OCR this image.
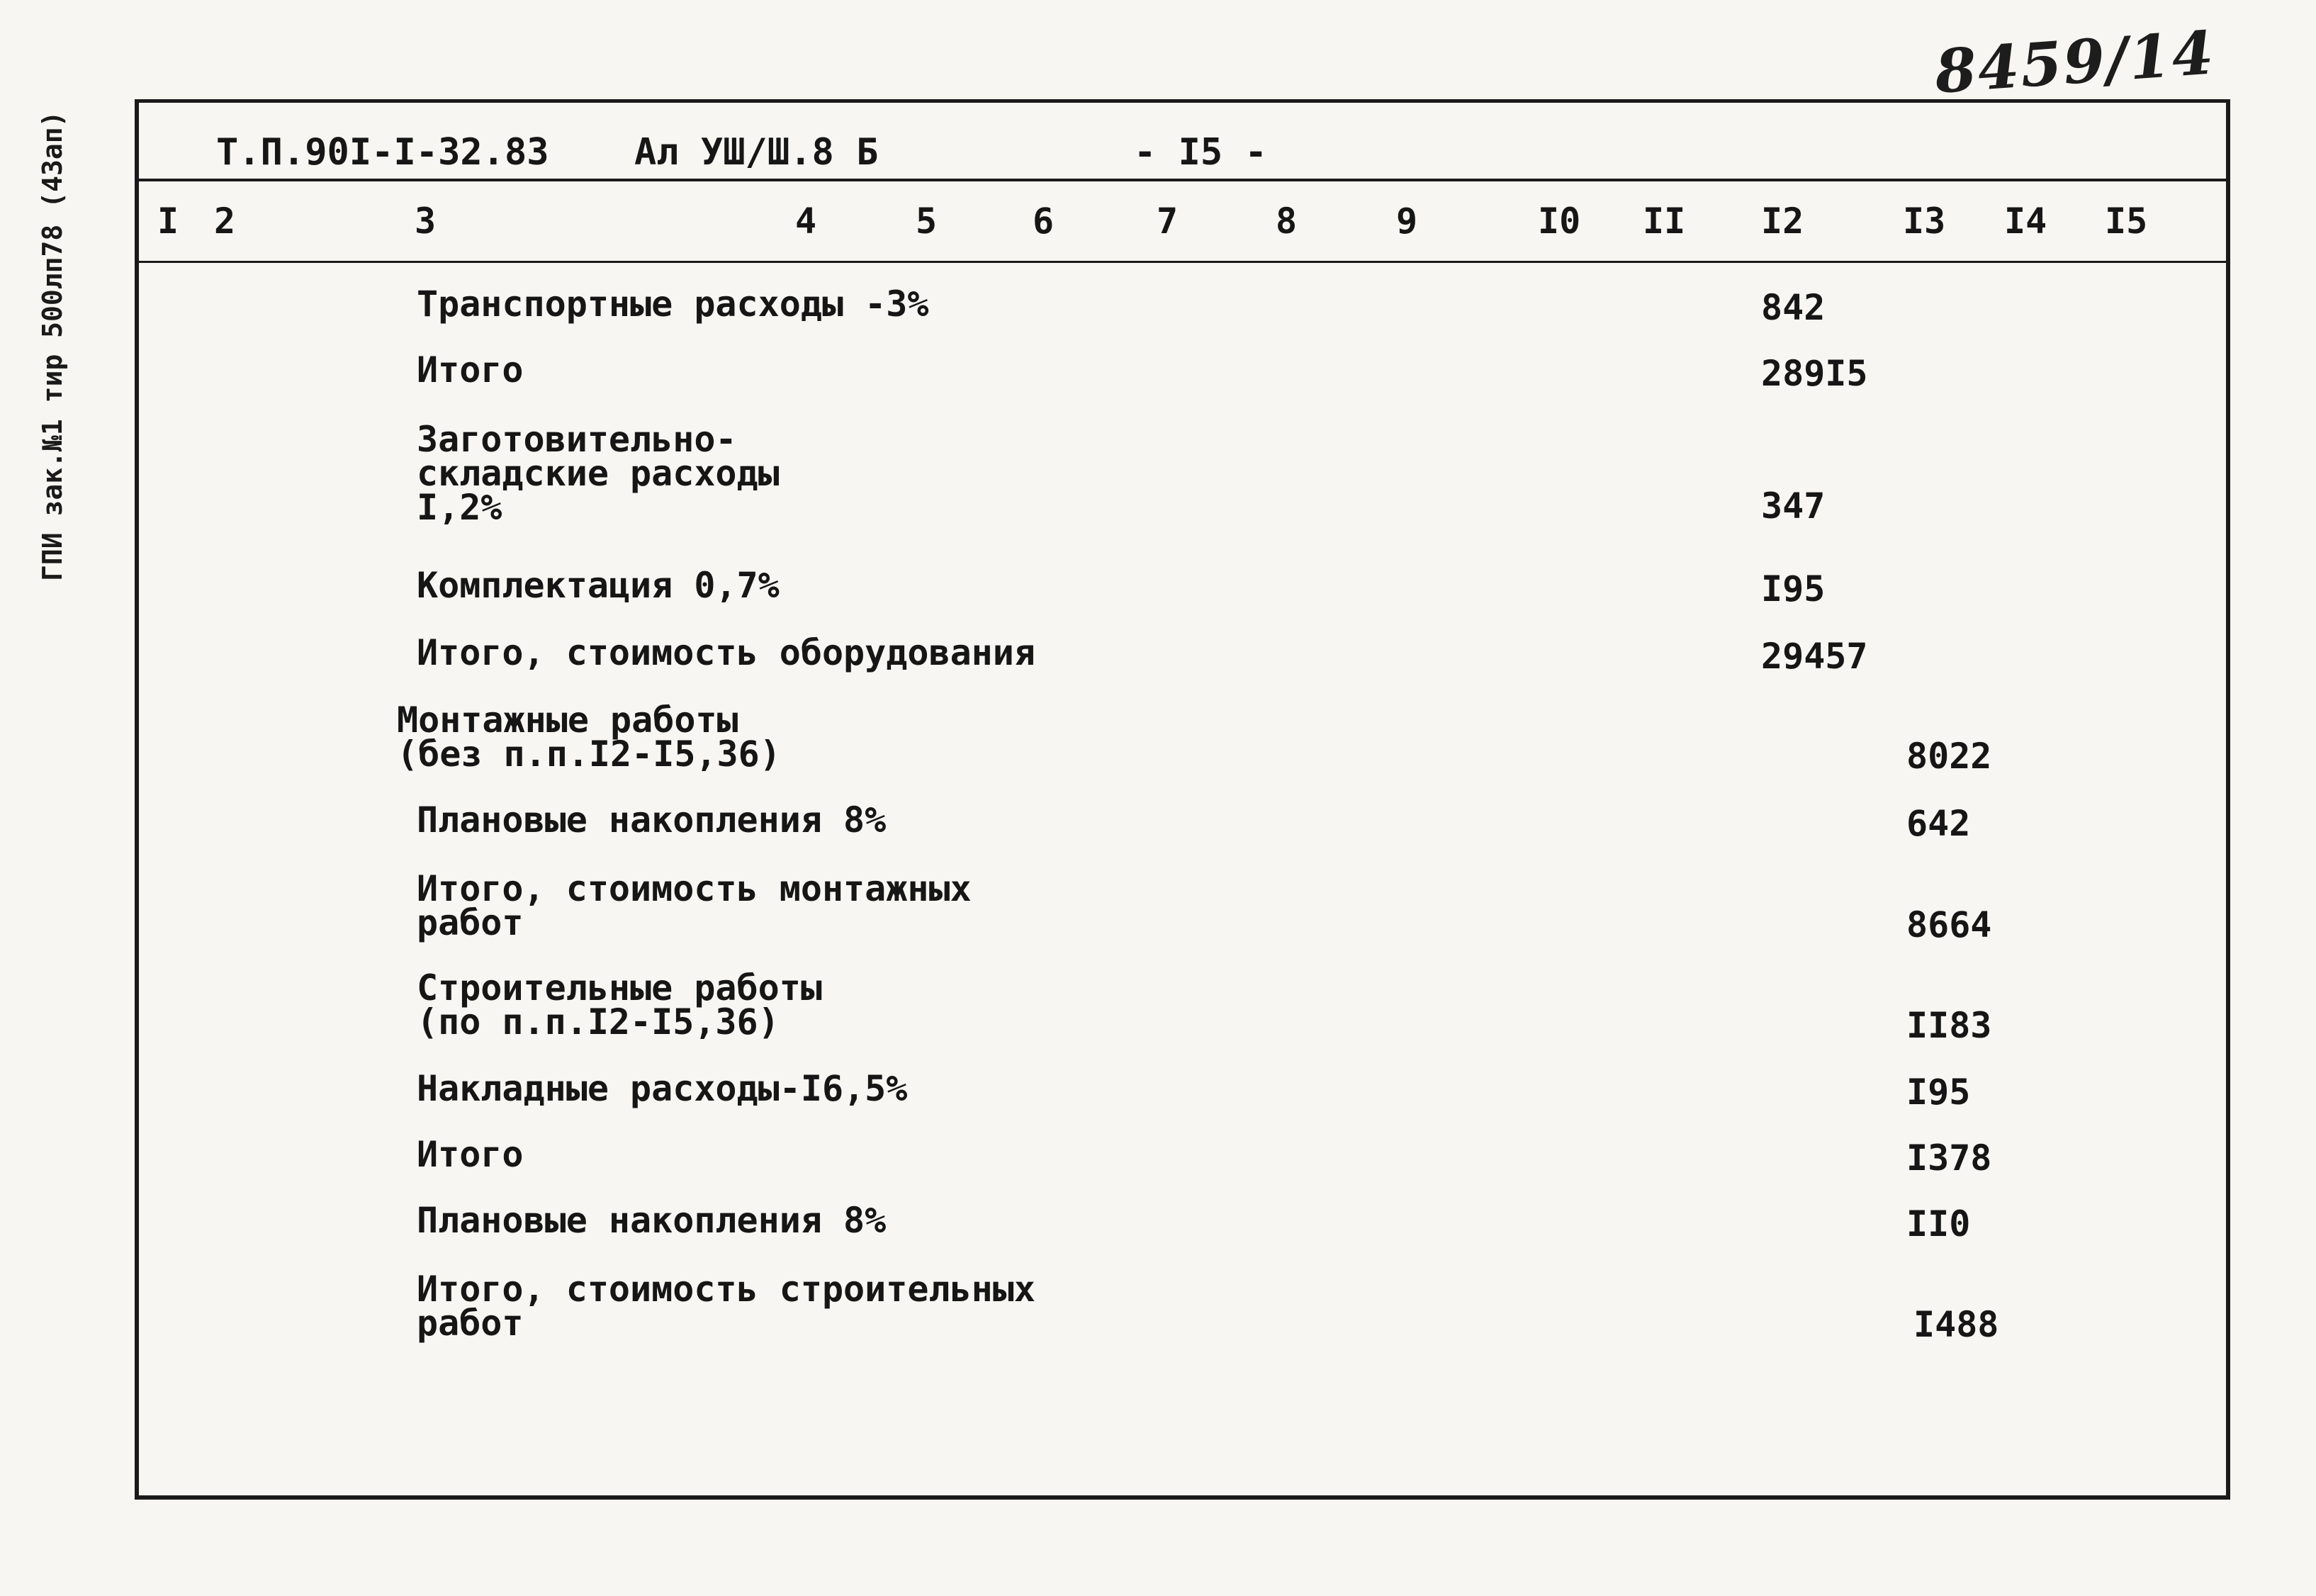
8459/14
ГПИ зак.№1 тир 500лп78 (43ап)	Т.П.90I-I-32.83 Ал УШ/Ш.8 Б	- I5 -
I 2	3	4	5	6	7	8	9	I0 II I2	I3 I4 I5
Транспортные расходы -3%	842
Итого	289I5
Заготовительно-
складские расходы
I,2%	347
Комплектация 0,7%	I95
Итого, стоимость оборудования	29457
Монтажные работы
(без п.п.I2-I5,36)	8022
Плановые накопления 8%	642
Итого, стоимость монтажных
работ	8664
Строительные работы
(по п.п.I2-I5,36)	II83
Накладные расходы-I6,5%	I95
Итого	I378
Плановые накопления 8%	II0
Итого, стоимость строительных
работ	I488
